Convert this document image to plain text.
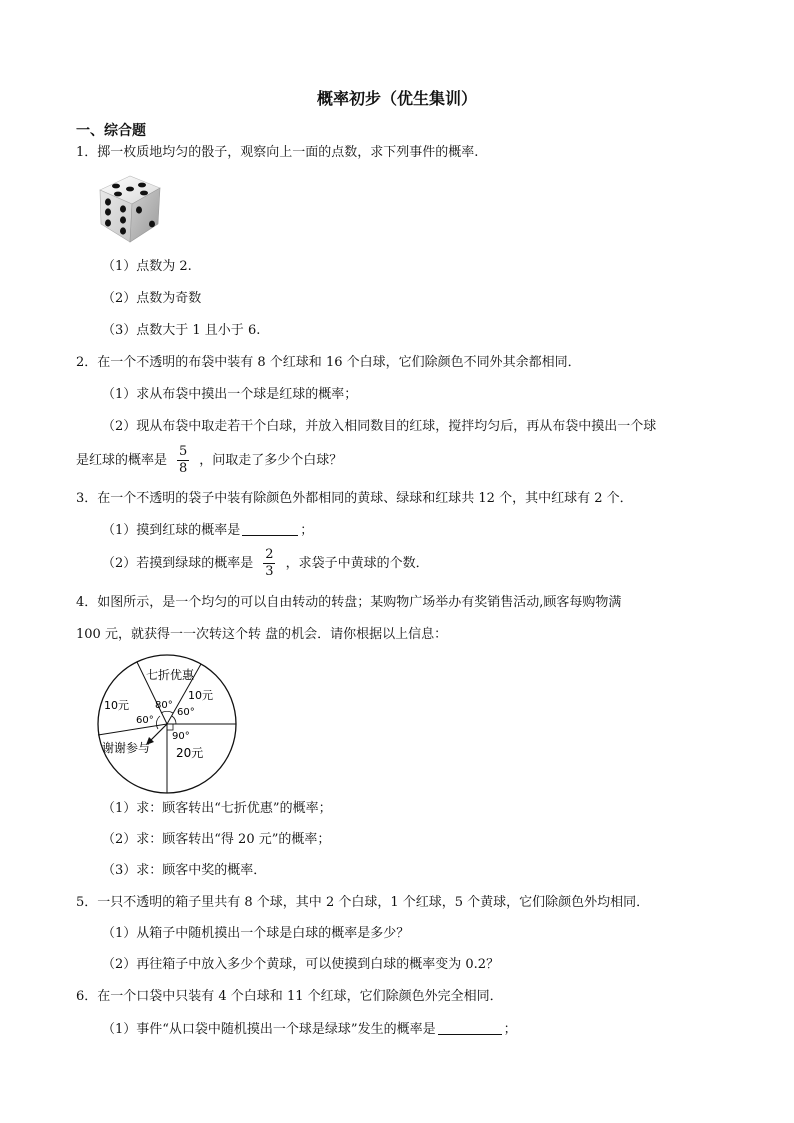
概率初步（优生集训）
一、综合题
1．掷一枚质地均匀的骰子，观察向上一面的点数，求下列事件的概率.
（1）点数为 2.
（2）点数为奇数
（3）点数大于 1 且小于 6.
2．在一个不透明的布袋中装有 8 个红球和 16 个白球，它们除颜色不同外其余都相同．
（1）求从布袋中摸出一个球是红球的概率；
（2）现从布袋中取走若干个白球，并放入相同数目的红球，搅拌均匀后，再从布袋中摸出一个球
是红球的概率是 $\frac{5}{8}$ ，问取走了多少个白球？
3．在一个不透明的袋子中装有除颜色外都相同的黄球、绿球和红球共 12 个，其中红球有 2 个．
（1）摸到红球的概率是	；
（2）若摸到绿球的概率是 $\frac{2}{3}$ ，求袋子中黄球的个数．
4．如图所示，是一个均匀的可以自由转动的转盘；某购物广场举办有奖销售活动,顾客每购物满
100 元，就获得一一次转这个转 盘的机会．请你根据以上信息：
七折优惠
10元
10元
谢谢参与 20元
80°
60°
60°
90°
（1）求：顾客转出“七折优惠”的概率；
（2）求：顾客转出“得 20 元”的概率；
（3）求：顾客中奖的概率．
5．一只不透明的箱子里共有 8 个球，其中 2 个白球，1 个红球，5 个黄球，它们除颜色外均相同．
（1）从箱子中随机摸出一个球是白球的概率是多少？
（2）再往箱子中放入多少个黄球，可以使摸到白球的概率变为 0.2？
6．在一个口袋中只装有 4 个白球和 11 个红球，它们除颜色外完全相同．
（1）事件“从口袋中随机摸出一个球是绿球”发生的概率是	；
